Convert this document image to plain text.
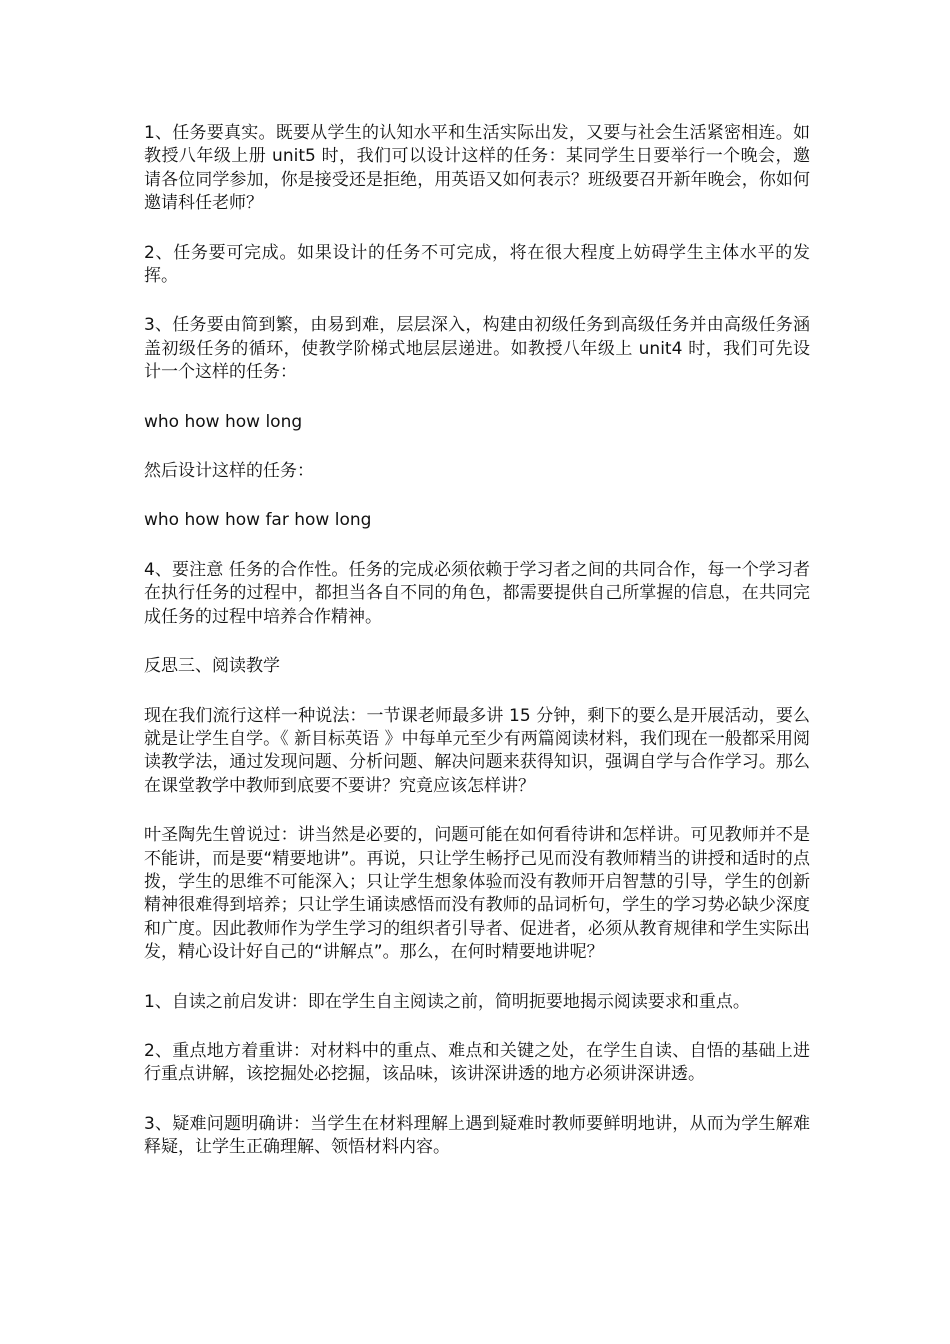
1、任务要真实。既要从学生的认知水平和生活实际出发，又要与社会生活紧密相连。如教授八年级上册 unit5 时，我们可以设计这样的任务：某同学生日要举行一个晚会，邀请各位同学参加，你是接受还是拒绝，用英语又如何表示？班级要召开新年晚会，你如何邀请科任老师？

2、任务要可完成。如果设计的任务不可完成，将在很大程度上妨碍学生主体水平的发挥。

3、任务要由简到繁，由易到难，层层深入，构建由初级任务到高级任务并由高级任务涵盖初级任务的循环，使教学阶梯式地层层递进。如教授八年级上 unit4 时，我们可先设计一个这样的任务：

who how how long

然后设计这样的任务：

who how how far how long

4、要注意 任务的合作性。任务的完成必须依赖于学习者之间的共同合作，每一个学习者在执行任务的过程中，都担当各自不同的角色，都需要提供自己所掌握的信息，在共同完成任务的过程中培养合作精神。

反思三、阅读教学

现在我们流行这样一种说法：一节课老师最多讲 15 分钟，剩下的要么是开展活动，要么就是让学生自学。《 新目标英语 》中每单元至少有两篇阅读材料，我们现在一般都采用阅读教学法，通过发现问题、分析问题、解决问题来获得知识，强调自学与合作学习。那么在课堂教学中教师到底要不要讲？究竟应该怎样讲？

叶圣陶先生曾说过：讲当然是必要的，问题可能在如何看待讲和怎样讲。可见教师并不是不能讲，而是要“精要地讲”。再说，只让学生畅抒己见而没有教师精当的讲授和适时的点拨，学生的思维不可能深入；只让学生想象体验而没有教师开启智慧的引导，学生的创新精神很难得到培养；只让学生诵读感悟而没有教师的品词析句，学生的学习势必缺少深度和广度。因此教师作为学生学习的组织者引导者、促进者，必须从教育规律和学生实际出发，精心设计好自己的“讲解点”。那么，在何时精要地讲呢？

1、自读之前启发讲：即在学生自主阅读之前，简明扼要地揭示阅读要求和重点。

2、重点地方着重讲：对材料中的重点、难点和关键之处，在学生自读、自悟的基础上进行重点讲解，该挖掘处必挖掘，该品味，该讲深讲透的地方必须讲深讲透。

3、疑难问题明确讲：当学生在材料理解上遇到疑难时教师要鲜明地讲，从而为学生解难释疑，让学生正确理解、领悟材料内容。
